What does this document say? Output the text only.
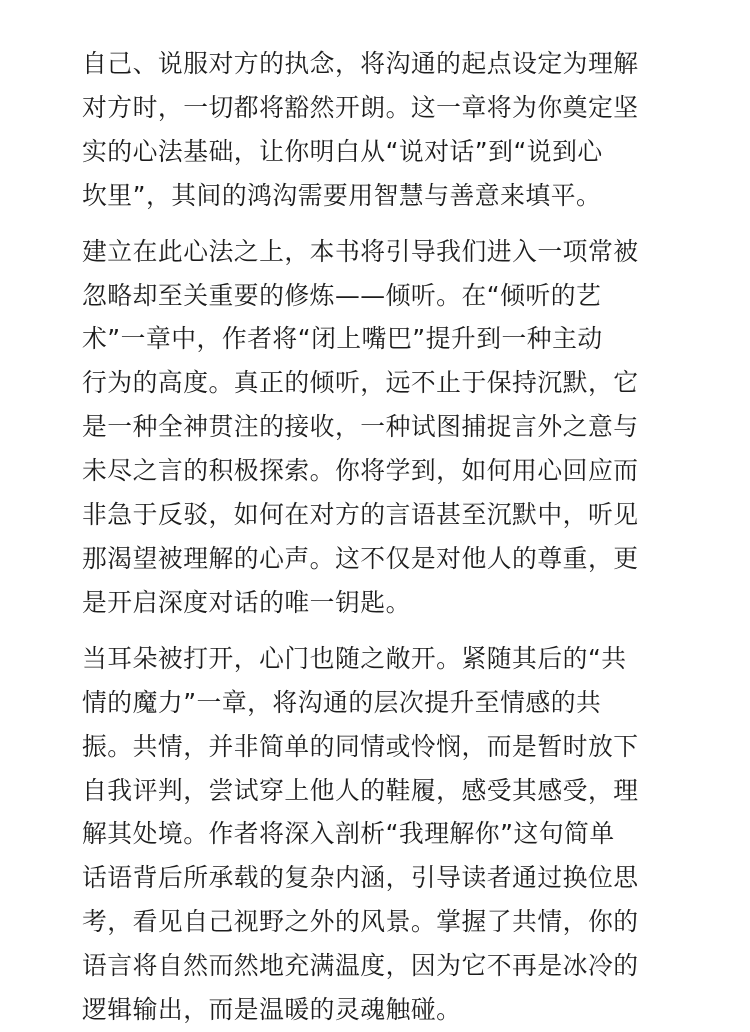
自己、说服对方的执念，将沟通的起点设定为理解
对方时，一切都将豁然开朗。这一章将为你奠定坚
实的心法基础，让你明白从“说对话”到“说到心
坎里”，其间的鸿沟需要用智慧与善意来填平。

建立在此心法之上，本书将引导我们进入一项常被
忽略却至关重要的修炼——倾听。在“倾听的艺
术”一章中，作者将“闭上嘴巴”提升到一种主动
行为的高度。真正的倾听，远不止于保持沉默，它
是一种全神贯注的接收，一种试图捕捉言外之意与
未尽之言的积极探索。你将学到，如何用心回应而
非急于反驳，如何在对方的言语甚至沉默中，听见
那渴望被理解的心声。这不仅是对他人的尊重，更
是开启深度对话的唯一钥匙。

当耳朵被打开，心门也随之敞开。紧随其后的“共
情的魔力”一章，将沟通的层次提升至情感的共
振。共情，并非简单的同情或怜悯，而是暂时放下
自我评判，尝试穿上他人的鞋履，感受其感受，理
解其处境。作者将深入剖析“我理解你”这句简单
话语背后所承载的复杂内涵，引导读者通过换位思
考，看见自己视野之外的风景。掌握了共情，你的
语言将自然而然地充满温度，因为它不再是冰冷的
逻辑输出，而是温暖的灵魂触碰。
